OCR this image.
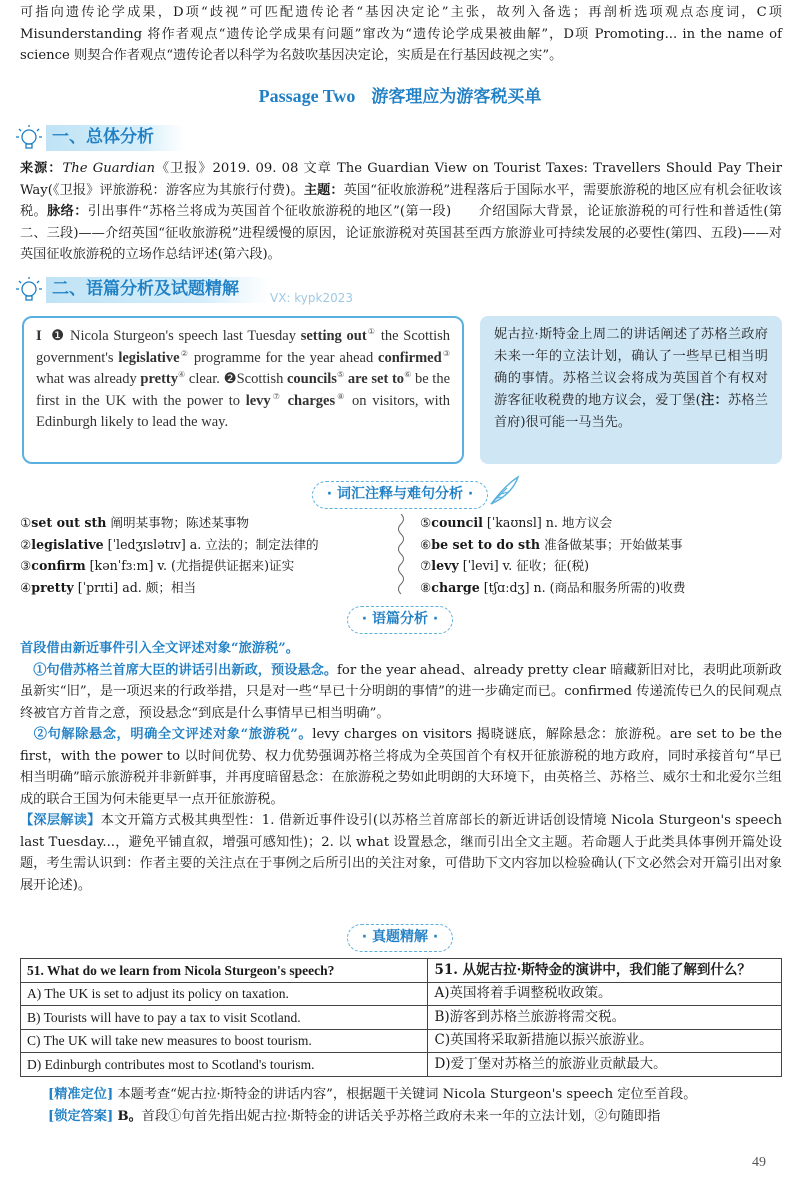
可指向遗传论学成果，D项“歧视”可匹配遗传论者“基因决定论”主张，故列入备选；再剖析选项观点态度词，C项 Misunderstanding 将作者观点“遗传论学成果有问题”窜改为“遗传论学成果被曲解”，D项 Promoting... in the name of science 则契合作者观点“遗传论者以科学为名鼓吹基因决定论，实质是在行基因歧视之实”。
Passage Two 游客理应为游客税买单
一、总体分析
来源：The Guardian《卫报》2019. 09. 08 文章 The Guardian View on Tourist Taxes: Travellers Should Pay Their Way(《卫报》评旅游税：游客应为其旅行付费)。主题：英国“征收旅游税”进程落后于国际水平，需要旅游税的地区应有机会征收该税。脉络：引出事件“苏格兰将成为英国首个征收旅游税的地区”(第一段)　　介绍国际大背景，论证旅游税的可行性和普适性(第二、三段)——介绍英国“征收旅游税”进程缓慢的原因，论证旅游税对英国甚至西方旅游业可持续发展的必要性(第四、五段)——对英国征收旅游税的立场作总结评述(第六段)。
二、语篇分析及试题精解	VX: kypk2023
I ❶ Nicola Sturgeon's speech last Tuesday setting out① the Scottish government's legislative② programme for the year ahead confirmed③ what was already pretty④ clear. ❷Scottish councils⑤ are set to⑥ be the first in the UK with the power to levy⑦ charges⑧ on visitors, with Edinburgh likely to lead the way.
妮古拉·斯特金上周二的讲话阐述了苏格兰政府未来一年的立法计划，确认了一些早已相当明确的事情。苏格兰议会将成为英国首个有权对游客征收税费的地方议会，爱丁堡(注：苏格兰首府)很可能一马当先。
· 词汇注释与难句分析 ·
①set out sth 阐明某事物；陈述某事物
②legislative [ˈledʒɪslətɪv] a. 立法的；制定法律的
③confirm [kənˈfɜːm] v. (尤指提供证据来)证实
④pretty [ˈprɪti] ad. 颇；相当
⑤council [ˈkaʊnsl] n. 地方议会
⑥be set to do sth 准备做某事；开始做某事
⑦levy [ˈlevi] v. 征收；征(税)
⑧charge [tʃɑːdʒ] n. (商品和服务所需的)收费
· 语篇分析 ·
首段借由新近事件引入全文评述对象“旅游税”。
 ①句借苏格兰首席大臣的讲话引出新政，预设悬念。for the year ahead、already pretty clear 暗藏新旧对比，表明此项新政虽新实“旧”，是一项迟来的行政举措，只是对一些“早已十分明朗的事情”的进一步确定而已。confirmed 传递流传已久的民间观点终被官方首肯之意，预设悬念“到底是什么事情早已相当明确”。
 ②句解除悬念，明确全文评述对象“旅游税”。levy charges on visitors 揭晓谜底，解除悬念：旅游税。are set to be the first，with the power to 以时间优势、权力优势强调苏格兰将成为全英国首个有权开征旅游税的地方政府，同时承接首句“早已相当明确”暗示旅游税并非新鲜事，并再度暗留悬念：在旅游税之势如此明朗的大环境下，由英格兰、苏格兰、威尔士和北爱尔兰组成的联合王国为何未能更早一点开征旅游税。
【深层解读】本文开篇方式极其典型性：1. 借新近事件设引(以苏格兰首席部长的新近讲话创设情境 Nicola Sturgeon's speech last Tuesday...，避免平铺直叙，增强可感知性)；2. 以 what 设置悬念，继而引出全文主题。若命题人于此类具体事例开篇处设题，考生需认识到：作者主要的关注点在于事例之后所引出的关注对象，可借助下文内容加以检验确认(下文必然会对开篇引出对象展开论述)。
· 真题精解 ·
51. What do we learn from Nicola Sturgeon's speech?	51. 从妮古拉·斯特金的演讲中，我们能了解到什么？
A) The UK is set to adjust its policy on taxation.	A)英国将着手调整税收政策。
B) Tourists will have to pay a tax to visit Scotland.	B)游客到苏格兰旅游将需交税。
C) The UK will take new measures to boost tourism.	C)英国将采取新措施以振兴旅游业。
D) Edinburgh contributes most to Scotland's tourism.	D)爱丁堡对苏格兰的旅游业贡献最大。
[精准定位] 本题考查“妮古拉·斯特金的讲话内容”，根据题干关键词 Nicola Sturgeon's speech 定位至首段。
[锁定答案] B。首段①句首先指出妮古拉·斯特金的讲话关乎苏格兰政府未来一年的立法计划，②句随即指
49
